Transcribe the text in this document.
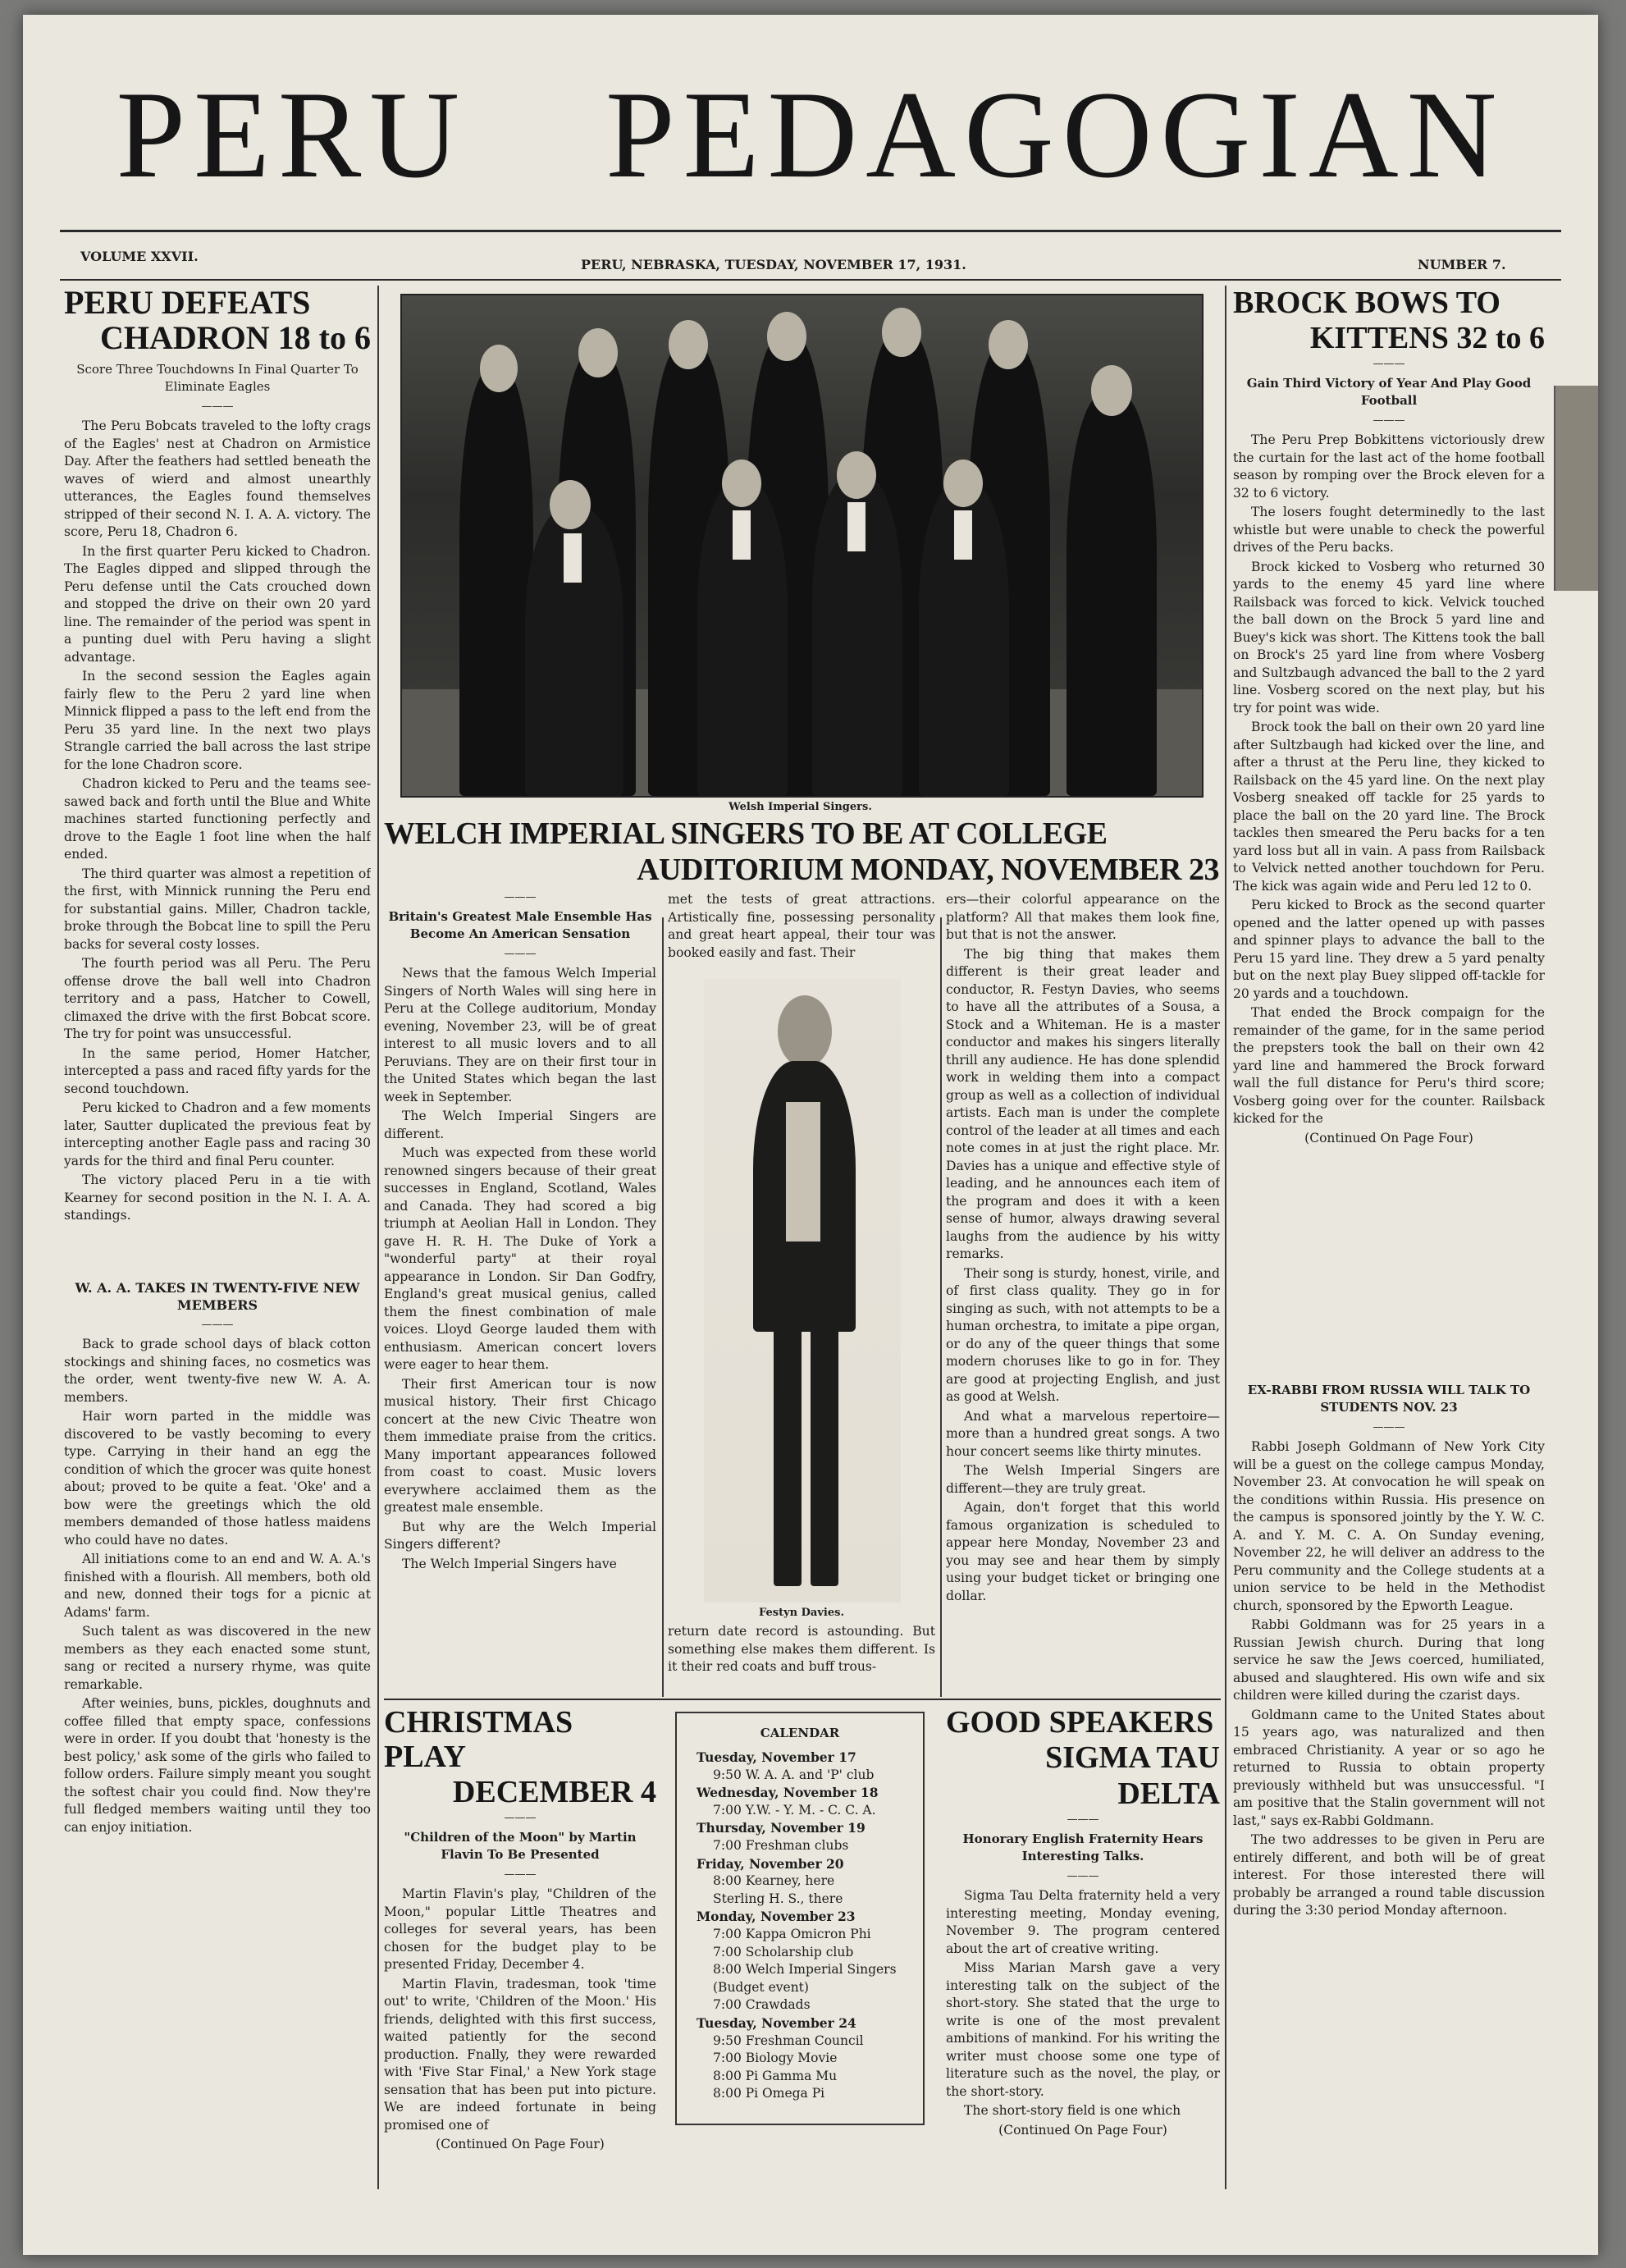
PERU PEDAGOGIAN
VOLUME XXVII.
PERU, NEBRASKA, TUESDAY, NOVEMBER 17, 1931.	NUMBER 7.
PERU DEFEATS
CHADRON 18 to 6
Score Three Touchdowns In Final Quarter To Eliminate Eagles
———

The Peru Bobcats traveled to the lofty crags of the Eagles' nest at Chadron on Armistice Day. After the feathers had settled beneath the waves of wierd and almost unearthly utterances, the Eagles found themselves stripped of their second N. I. A. A. victory. The score, Peru 18, Chadron 6.

In the first quarter Peru kicked to Chadron. The Eagles dipped and slipped through the Peru defense until the Cats crouched down and stopped the drive on their own 20 yard line. The remainder of the period was spent in a punting duel with Peru having a slight advantage.

In the second session the Eagles again fairly flew to the Peru 2 yard line when Minnick flipped a pass to the left end from the Peru 35 yard line. In the next two plays Strangle carried the ball across the last stripe for the lone Chadron score.

Chadron kicked to Peru and the teams see-sawed back and forth until the Blue and White machines started functioning perfectly and drove to the Eagle 1 foot line when the half ended.

The third quarter was almost a repetition of the first, with Minnick running the Peru end for substantial gains. Miller, Chadron tackle, broke through the Bobcat line to spill the Peru backs for several costy losses.

The fourth period was all Peru. The Peru offense drove the ball well into Chadron territory and a pass, Hatcher to Cowell, climaxed the drive with the first Bobcat score. The try for point was unsuccessful.

In the same period, Homer Hatcher, intercepted a pass and raced fifty yards for the second touchdown.

Peru kicked to Chadron and a few moments later, Sautter duplicated the previous feat by intercepting another Eagle pass and racing 30 yards for the third and final Peru counter.

The victory placed Peru in a tie with Kearney for second position in the N. I. A. A. standings.

W. A. A. TAKES IN TWENTY-FIVE NEW MEMBERS
———

Back to grade school days of black cotton stockings and shining faces, no cosmetics was the order, went twenty-five new W. A. A. members.

Hair worn parted in the middle was discovered to be vastly becoming to every type. Carrying in their hand an egg the condition of which the grocer was quite honest about; proved to be quite a feat. 'Oke' and a bow were the greetings which the old members demanded of those hatless maidens who could have no dates.

All initiations come to an end and W. A. A.'s finished with a flourish. All members, both old and new, donned their togs for a picnic at Adams' farm.

Such talent as was discovered in the new members as they each enacted some stunt, sang or recited a nursery rhyme, was quite remarkable.

After weinies, buns, pickles, doughnuts and coffee filled that empty space, confessions were in order. If you doubt that 'honesty is the best policy,' ask some of the girls who failed to follow orders. Failure simply meant you sought the softest chair you could find. Now they're full fledged members waiting until they too can enjoy initiation.

Welsh Imperial Singers.
WELCH IMPERIAL SINGERS TO BE AT COLLEGE
AUDITORIUM MONDAY, NOVEMBER 23
———
Britain's Greatest Male Ensemble Has Become An American Sensation
———

News that the famous Welch Imperial Singers of North Wales will sing here in Peru at the College auditorium, Monday evening, November 23, will be of great interest to all music lovers and to all Peruvians. They are on their first tour in the United States which began the last week in September.

The Welch Imperial Singers are different.

Much was expected from these world renowned singers because of their great successes in England, Scotland, Wales and Canada. They had scored a big triumph at Aeolian Hall in London. They gave H. R. H. The Duke of York a "wonderful party" at their royal appearance in London. Sir Dan Godfry, England's great musical genius, called them the finest combination of male voices. Lloyd George lauded them with enthusiasm. American concert lovers were eager to hear them.

Their first American tour is now musical history. Their first Chicago concert at the new Civic Theatre won them immediate praise from the critics. Many important appearances followed from coast to coast. Music lovers everywhere acclaimed them as the greatest male ensemble.

But why are the Welch Imperial Singers different?

The Welch Imperial Singers have

met the tests of great attractions. Artistically fine, possessing personality and great heart appeal, their tour was booked easily and fast. Their

Festyn Davies.

return date record is astounding. But something else makes them different. Is it their red coats and buff trous-

ers—their colorful appearance on the platform? All that makes them look fine, but that is not the answer.

The big thing that makes them different is their great leader and conductor, R. Festyn Davies, who seems to have all the attributes of a Sousa, a Stock and a Whiteman. He is a master conductor and makes his singers literally thrill any audience. He has done splendid work in welding them into a compact group as well as a collection of individual artists. Each man is under the complete control of the leader at all times and each note comes in at just the right place. Mr. Davies has a unique and effective style of leading, and he announces each item of the program and does it with a keen sense of humor, always drawing several laughs from the audience by his witty remarks.

Their song is sturdy, honest, virile, and of first class quality. They go in for singing as such, with not attempts to be a human orchestra, to imitate a pipe organ, or do any of the queer things that some modern choruses like to go in for. They are good at projecting English, and just as good at Welsh.

And what a marvelous repertoire—more than a hundred great songs. A two hour concert seems like thirty minutes.

The Welsh Imperial Singers are different—they are truly great.

Again, don't forget that this world famous organization is scheduled to appear here Monday, November 23 and you may see and hear them by simply using your budget ticket or bringing one dollar.

CHRISTMAS PLAY
DECEMBER 4
———
"Children of the Moon" by Martin Flavin To Be Presented
———

Martin Flavin's play, "Children of the Moon," popular Little Theatres and colleges for several years, has been chosen for the budget play to be presented Friday, December 4.

Martin Flavin, tradesman, took 'time out' to write, 'Children of the Moon.' His friends, delighted with this first success, waited patiently for the second production. Fnally, they were rewarded with 'Five Star Final,' a New York stage sensation that has been put into picture. We are indeed fortunate in being promised one of

(Continued On Page Four)
CALENDAR
Tuesday, November 17
9:50 W. A. A. and 'P' club
Wednesday, November 18
7:00 Y.W. - Y. M. - C. C. A.
Thursday, November 19
7:00 Freshman clubs
Friday, November 20
8:00 Kearney, here
Sterling H. S., there
Monday, November 23
7:00 Kappa Omicron Phi
7:00 Scholarship club
8:00 Welch Imperial Singers
(Budget event)
7:00 Crawdads
Tuesday, November 24
9:50 Freshman Council
7:00 Biology Movie
8:00 Pi Gamma Mu
8:00 Pi Omega Pi
GOOD SPEAKERS
SIGMA TAU DELTA
———
Honorary English Fraternity Hears Interesting Talks.
———

Sigma Tau Delta fraternity held a very interesting meeting, Monday evening, November 9. The program centered about the art of creative writing.

Miss Marian Marsh gave a very interesting talk on the subject of the short-story. She stated that the urge to write is one of the most prevalent ambitions of mankind. For his writing the writer must choose some one type of literature such as the novel, the play, or the short-story.

The short-story field is one which

(Continued On Page Four)
BROCK BOWS TO
KITTENS 32 to 6
———
Gain Third Victory of Year And Play Good Football
———

The Peru Prep Bobkittens victoriously drew the curtain for the last act of the home football season by romping over the Brock eleven for a 32 to 6 victory.

The losers fought determinedly to the last whistle but were unable to check the powerful drives of the Peru backs.

Brock kicked to Vosberg who returned 30 yards to the enemy 45 yard line where Railsback was forced to kick. Velvick touched the ball down on the Brock 5 yard line and Buey's kick was short. The Kittens took the ball on Brock's 25 yard line from where Vosberg and Sultzbaugh advanced the ball to the 2 yard line. Vosberg scored on the next play, but his try for point was wide.

Brock took the ball on their own 20 yard line after Sultzbaugh had kicked over the line, and after a thrust at the Peru line, they kicked to Railsback on the 45 yard line. On the next play Vosberg sneaked off tackle for 25 yards to place the ball on the 20 yard line. The Brock tackles then smeared the Peru backs for a ten yard loss but all in vain. A pass from Railsback to Velvick netted another touchdown for Peru. The kick was again wide and Peru led 12 to 0.

Peru kicked to Brock as the second quarter opened and the latter opened up with passes and spinner plays to advance the ball to the Peru 15 yard line. They drew a 5 yard penalty but on the next play Buey slipped off-tackle for 20 yards and a touchdown.

That ended the Brock compaign for the remainder of the game, for in the same period the prepsters took the ball on their own 42 yard line and hammered the Brock forward wall the full distance for Peru's third score; Vosberg going over for the counter. Railsback kicked for the

(Continued On Page Four)
EX-RABBI FROM RUSSIA WILL TALK TO STUDENTS NOV. 23
———

Rabbi Joseph Goldmann of New York City will be a guest on the college campus Monday, November 23. At convocation he will speak on the conditions within Russia. His presence on the campus is sponsored jointly by the Y. W. C. A. and Y. M. C. A. On Sunday evening, November 22, he will deliver an address to the Peru community and the College students at a union service to be held in the Methodist church, sponsored by the Epworth League.

Rabbi Goldmann was for 25 years in a Russian Jewish church. During that long service he saw the Jews coerced, humiliated, abused and slaughtered. His own wife and six children were killed during the czarist days.

Goldmann came to the United States about 15 years ago, was naturalized and then embraced Christianity. A year or so ago he returned to Russia to obtain property previously withheld but was unsuccessful. "I am positive that the Stalin government will not last," says ex-Rabbi Goldmann.

The two addresses to be given in Peru are entirely different, and both will be of great interest. For those interested there will probably be arranged a round table discussion during the 3:30 period Monday afternoon.
